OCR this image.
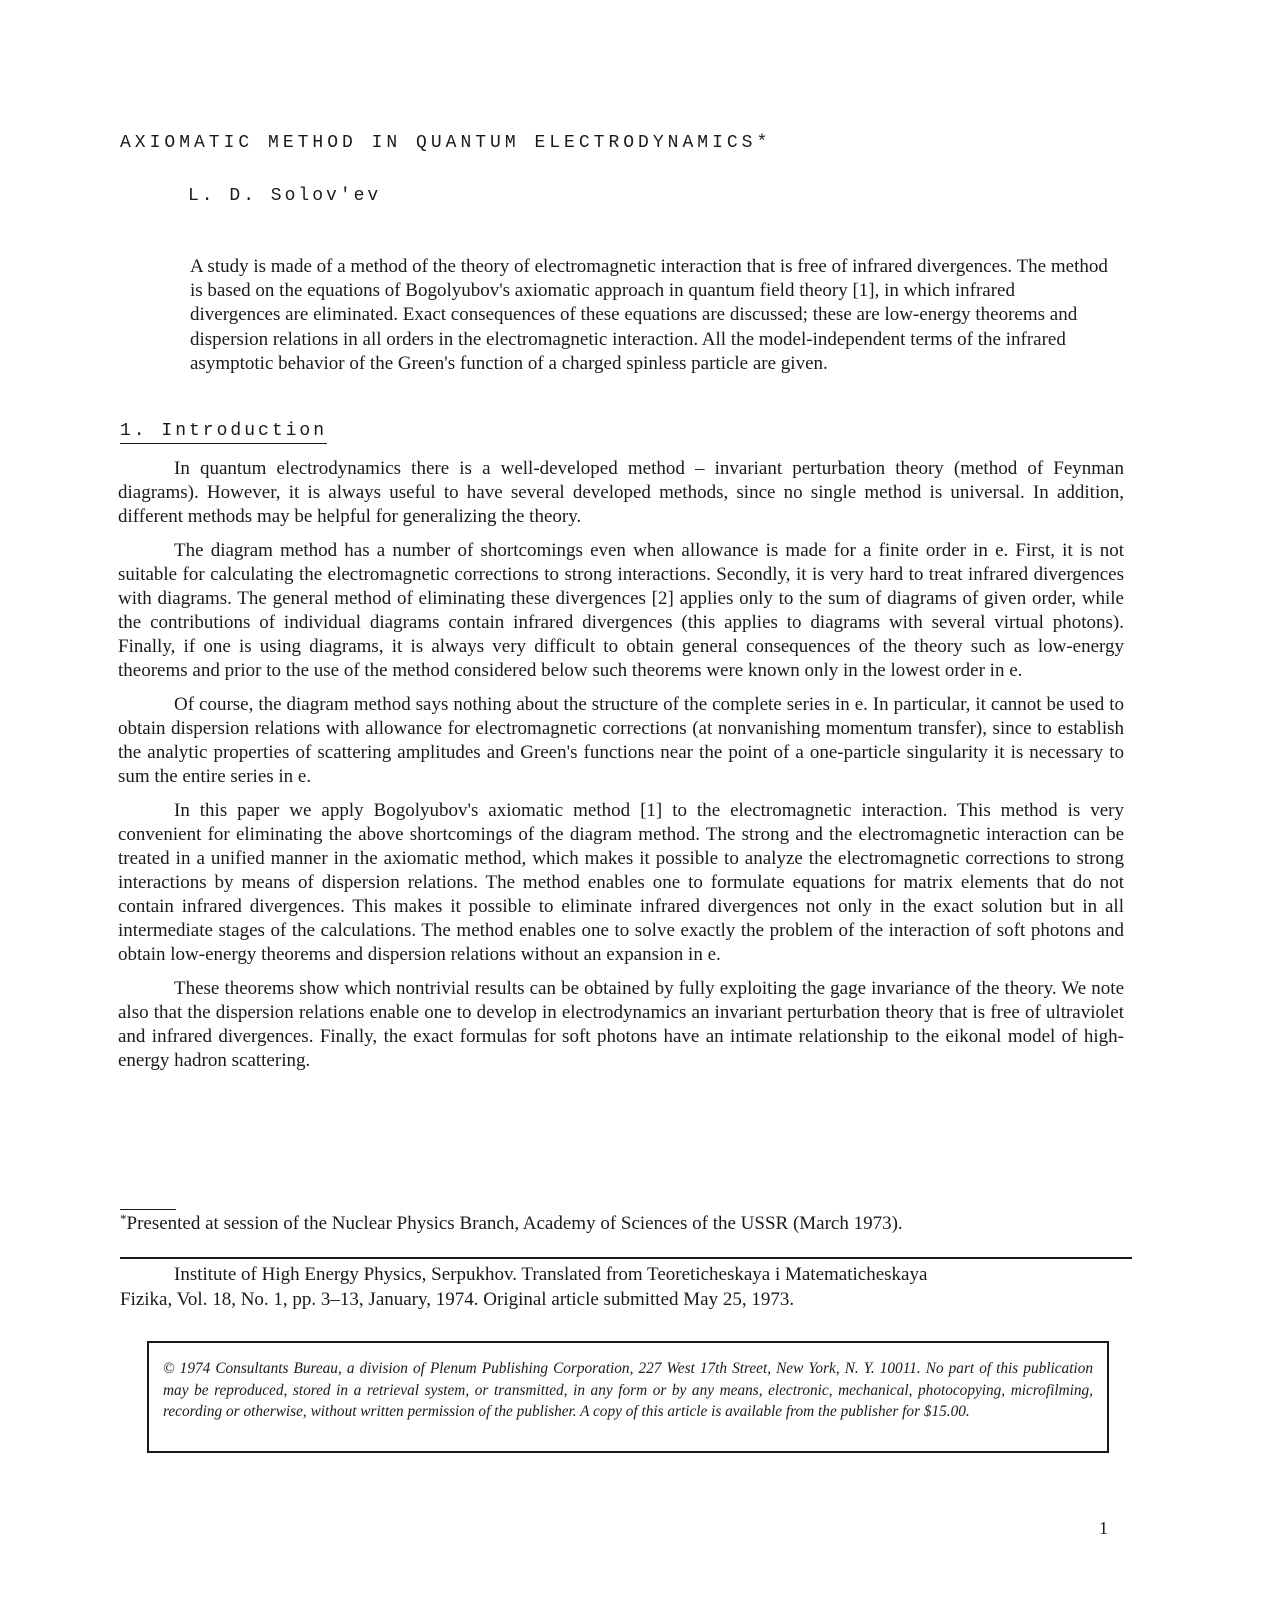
AXIOMATIC METHOD IN QUANTUM ELECTRODYNAMICS*
L. D. Solov'ev

A study is made of a method of the theory of electromagnetic interaction that is free of infrared divergences. The method is based on the equations of Bogolyubov's axiomatic approach in quantum field theory [1], in which infrared divergences are eliminated. Exact consequences of these equations are discussed; these are low-energy theorems and dispersion relations in all orders in the electromagnetic interaction. All the model-independent terms of the infrared asymptotic behavior of the Green's function of a charged spinless particle are given.

1. Introduction

In quantum electrodynamics there is a well-developed method – invariant perturbation theory (method of Feynman diagrams). However, it is always useful to have several developed methods, since no single method is universal. In addition, different methods may be helpful for generalizing the theory.

The diagram method has a number of shortcomings even when allowance is made for a finite order in e. First, it is not suitable for calculating the electromagnetic corrections to strong interactions. Secondly, it is very hard to treat infrared divergences with diagrams. The general method of eliminating these divergences [2] applies only to the sum of diagrams of given order, while the contributions of individual diagrams contain infrared divergences (this applies to diagrams with several virtual photons). Finally, if one is using diagrams, it is always very difficult to obtain general consequences of the theory such as low-energy theorems and prior to the use of the method considered below such theorems were known only in the lowest order in e.

Of course, the diagram method says nothing about the structure of the complete series in e. In particular, it cannot be used to obtain dispersion relations with allowance for electromagnetic corrections (at nonvanishing momentum transfer), since to establish the analytic properties of scattering amplitudes and Green's functions near the point of a one-particle singularity it is necessary to sum the entire series in e.

In this paper we apply Bogolyubov's axiomatic method [1] to the electromagnetic interaction. This method is very convenient for eliminating the above shortcomings of the diagram method. The strong and the electromagnetic interaction can be treated in a unified manner in the axiomatic method, which makes it possible to analyze the electromagnetic corrections to strong interactions by means of dispersion relations. The method enables one to formulate equations for matrix elements that do not contain infrared divergences. This makes it possible to eliminate infrared divergences not only in the exact solution but in all intermediate stages of the calculations. The method enables one to solve exactly the problem of the interaction of soft photons and obtain low-energy theorems and dispersion relations without an expansion in e.

These theorems show which nontrivial results can be obtained by fully exploiting the gage invariance of the theory. We note also that the dispersion relations enable one to develop in electrodynamics an invariant perturbation theory that is free of ultraviolet and infrared divergences. Finally, the exact formulas for soft photons have an intimate relationship to the eikonal model of high-energy hadron scattering.

*Presented at session of the Nuclear Physics Branch, Academy of Sciences of the USSR (March 1973).
Institute of High Energy Physics, Serpukhov. Translated from Teoreticheskaya i Matematicheskaya
Fizika, Vol. 18, No. 1, pp. 3–13, January, 1974. Original article submitted May 25, 1973.
© 1974 Consultants Bureau, a division of Plenum Publishing Corporation, 227 West 17th Street, New York, N. Y. 10011. No part of this publication may be reproduced, stored in a retrieval system, or transmitted, in any form or by any means, electronic, mechanical, photocopying, microfilming, recording or otherwise, without written permission of the publisher. A copy of this article is available from the publisher for $15.00.
1
